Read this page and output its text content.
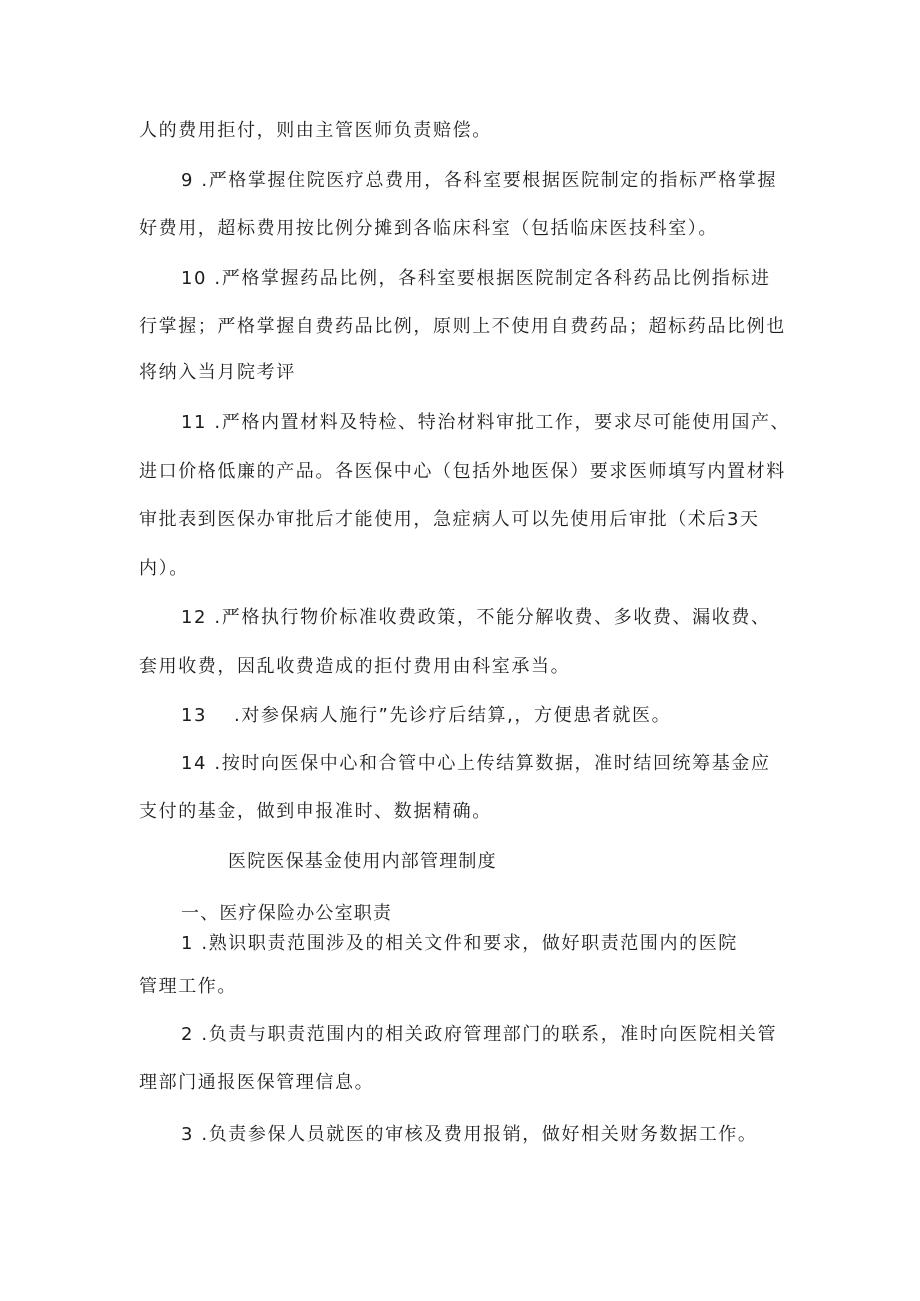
人的费用拒付，则由主管医师负责赔偿。

9 .严格掌握住院医疗总费用，各科室要根据医院制定的指标严格掌握

好费用，超标费用按比例分摊到各临床科室（包括临床医技科室）。

10 .严格掌握药品比例，各科室要根据医院制定各科药品比例指标进

行掌握；严格掌握自费药品比例，原则上不使用自费药品；超标药品比例也

将纳入当月院考评

11 .严格内置材料及特检、特治材料审批工作，要求尽可能使用国产、

进口价格低廉的产品。各医保中心（包括外地医保）要求医师填写内置材料

审批表到医保办审批后才能使用，急症病人可以先使用后审批（术后3天

内）。

12 .严格执行物价标准收费政策，不能分解收费、多收费、漏收费、

套用收费，因乱收费造成的拒付费用由科室承当。

13　 .对参保病人施行”先诊疗后结算,，方便患者就医。

14 .按时向医保中心和合管中心上传结算数据，准时结回统筹基金应

支付的基金，做到申报准时、数据精确。

医院医保基金使用内部管理制度

一、医疗保险办公室职责

1 .熟识职责范围涉及的相关文件和要求，做好职责范围内的医院

管理工作。

2 .负责与职责范围内的相关政府管理部门的联系，准时向医院相关管

理部门通报医保管理信息。

3 .负责参保人员就医的审核及费用报销，做好相关财务数据工作。
